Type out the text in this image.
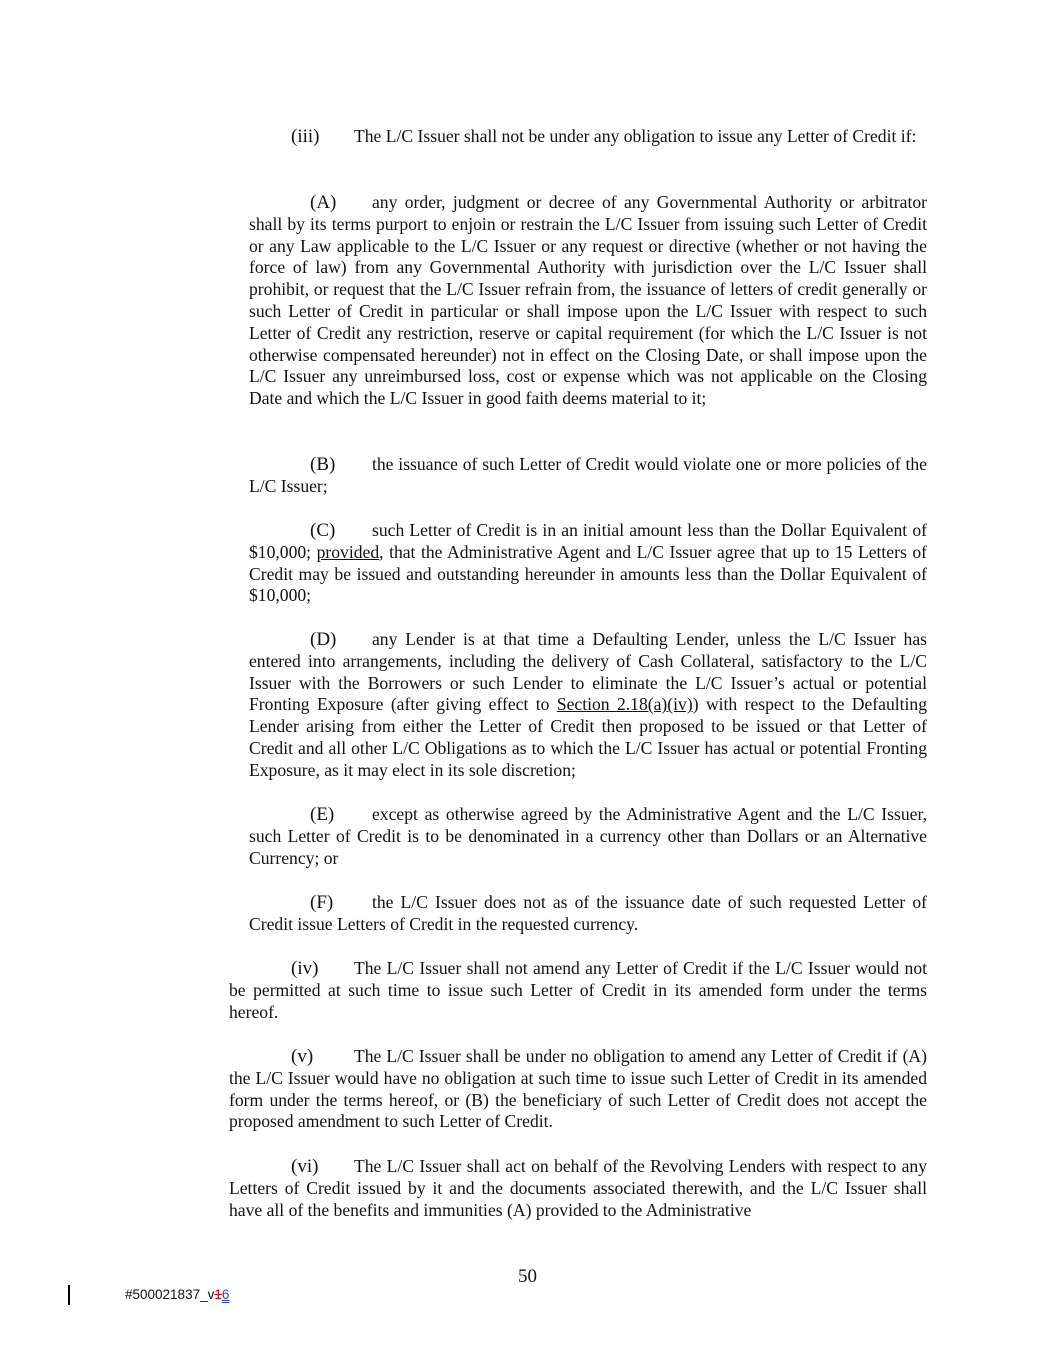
(iii) The L/C Issuer shall not be under any obligation to issue any Letter of Credit if:

(A) any order, judgment or decree of any Governmental Authority or arbitrator shall by its terms purport to enjoin or restrain the L/C Issuer from issuing such Letter of Credit or any Law applicable to the L/C Issuer or any request or directive (whether or not having the force of law) from any Governmental Authority with jurisdiction over the L/C Issuer shall prohibit, or request that the L/C Issuer refrain from, the issuance of letters of credit generally or such Letter of Credit in particular or shall impose upon the L/C Issuer with respect to such Letter of Credit any restriction, reserve or capital requirement (for which the L/C Issuer is not otherwise compensated hereunder) not in effect on the Closing Date, or shall impose upon the L/C Issuer any unreimbursed loss, cost or expense which was not applicable on the Closing Date and which the L/C Issuer in good faith deems material to it;

(B) the issuance of such Letter of Credit would violate one or more policies of the L/C Issuer;

(C) such Letter of Credit is in an initial amount less than the Dollar Equivalent of $10,000; provided, that the Administrative Agent and L/C Issuer agree that up to 15 Letters of Credit may be issued and outstanding hereunder in amounts less than the Dollar Equivalent of $10,000;

(D) any Lender is at that time a Defaulting Lender, unless the L/C Issuer has entered into arrangements, including the delivery of Cash Collateral, satisfactory to the L/C Issuer with the Borrowers or such Lender to eliminate the L/C Issuer’s actual or potential Fronting Exposure (after giving effect to Section 2.18(a)(iv)) with respect to the Defaulting Lender arising from either the Letter of Credit then proposed to be issued or that Letter of Credit and all other L/C Obligations as to which the L/C Issuer has actual or potential Fronting Exposure, as it may elect in its sole discretion;

(E) except as otherwise agreed by the Administrative Agent and the L/C Issuer, such Letter of Credit is to be denominated in a currency other than Dollars or an Alternative Currency; or

(F) the L/C Issuer does not as of the issuance date of such requested Letter of Credit issue Letters of Credit in the requested currency.

(iv) The L/C Issuer shall not amend any Letter of Credit if the L/C Issuer would not be permitted at such time to issue such Letter of Credit in its amended form under the terms hereof.

(v) The L/C Issuer shall be under no obligation to amend any Letter of Credit if (A) the L/C Issuer would have no obligation at such time to issue such Letter of Credit in its amended form under the terms hereof, or (B) the beneficiary of such Letter of Credit does not accept the proposed amendment to such Letter of Credit.

(vi) The L/C Issuer shall act on behalf of the Revolving Lenders with respect to any Letters of Credit issued by it and the documents associated therewith, and the L/C Issuer shall have all of the benefits and immunities (A) provided to the Administrative

50
#500021837_v16
